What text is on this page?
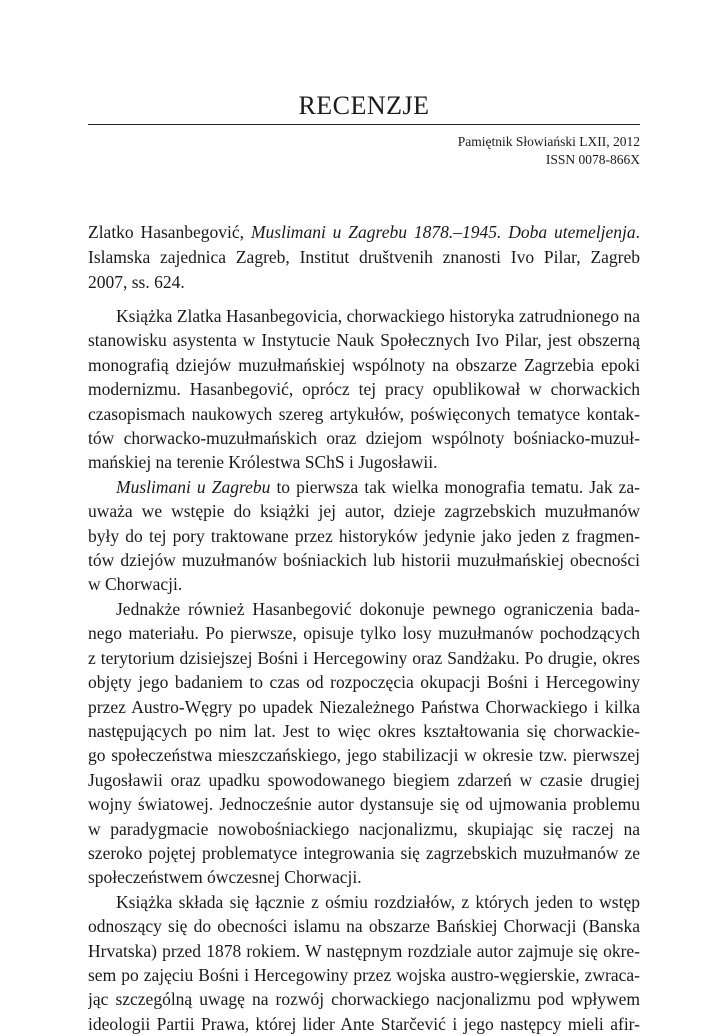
RECENZJE
Pamiętnik Słowiański LXII, 2012
ISSN 0078-866X

Zlatko Hasanbegović, Muslimani u Zagrebu 1878.–1945. Doba utemeljenja. Islamska zajednica Zagreb, Institut društvenih znanosti Ivo Pilar, Zagreb 2007, ss. 624.

Książka Zlatka Hasanbegovicia, chorwackiego historyka zatrudnionego na
stanowisku asystenta w Instytucie Nauk Społecznych Ivo Pilar, jest obszerną
monografią dziejów muzułmańskiej wspólnoty na obszarze Zagrzebia epoki
modernizmu. Hasanbegović, oprócz tej pracy opublikował w chorwackich
czasopismach naukowych szereg artykułów, poświęconych tematyce kontak-
tów chorwacko-muzułmańskich oraz dziejom wspólnoty bośniacko-muzuł-
mańskiej na terenie Królestwa SChS i Jugosławii.
Muslimani u Zagrebu to pierwsza tak wielka monografia tematu. Jak za-
uważa we wstępie do książki jej autor, dzieje zagrzebskich muzułmanów
były do tej pory traktowane przez historyków jedynie jako jeden z fragmen-
tów dziejów muzułmanów bośniackich lub historii muzułmańskiej obecności
w Chorwacji.
Jednakże również Hasanbegović dokonuje pewnego ograniczenia bada-
nego materiału. Po pierwsze, opisuje tylko losy muzułmanów pochodzących
z terytorium dzisiejszej Bośni i Hercegowiny oraz Sandżaku. Po drugie, okres
objęty jego badaniem to czas od rozpoczęcia okupacji Bośni i Hercegowiny
przez Austro-Węgry po upadek Niezależnego Państwa Chorwackiego i kilka
następujących po nim lat. Jest to więc okres kształtowania się chorwackie-
go społeczeństwa mieszczańskiego, jego stabilizacji w okresie tzw. pierwszej
Jugosławii oraz upadku spowodowanego biegiem zdarzeń w czasie drugiej
wojny światowej. Jednocześnie autor dystansuje się od ujmowania problemu
w paradygmacie nowobośniackiego nacjonalizmu, skupiając się raczej na
szeroko pojętej problematyce integrowania się zagrzebskich muzułmanów ze
społeczeństwem ówczesnej Chorwacji.
Książka składa się łącznie z ośmiu rozdziałów, z których jeden to wstęp
odnoszący się do obecności islamu na obszarze Bańskiej Chorwacji (Banska
Hrvatska) przed 1878 rokiem. W następnym rozdziale autor zajmuje się okre-
sem po zajęciu Bośni i Hercegowiny przez wojska austro-węgierskie, zwraca-
jąc szczególną uwagę na rozwój chorwackiego nacjonalizmu pod wpływem
ideologii Partii Prawa, której lider Ante Starčević i jego następcy mieli afir-
